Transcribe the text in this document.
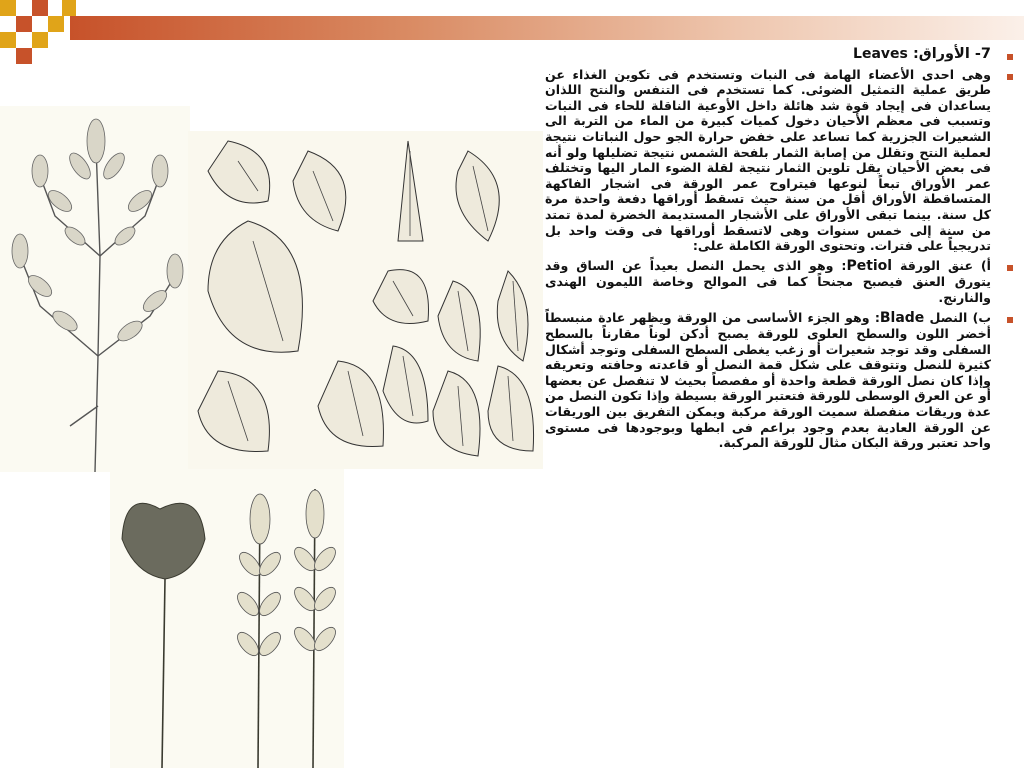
7- الأوراق: Leaves

وهى احدى الأعضاء الهامة فى النبات وتستخدم فى تكوين الغذاء عن طريق عملية التمثيل الضوئى. كما تستخدم فى التنفس والنتح اللذان يساعدان فى إيجاد قوة شد هائلة داخل الأوعية الناقلة للحاء فى النبات وتسبب فى معظم الأحيان دخول كميات كبيرة من الماء من التربة الى الشعيرات الجزرية كما تساعد على خفض حرارة الجو حول النباتات نتيجة لعملية النتح وتقلل من إصابة الثمار بلفحة الشمس نتيجة تضليلها ولو أنه فى بعض الأحيان يقل تلوين الثمار نتيجة لقلة الضوء المار اليها وتختلف عمر الأوراق تبعاً لنوعها فيتراوح عمر الورقة فى اشجار الفاكهة المتساقطة الأوراق أقل من سنة حيث تسقط أوراقها دفعة واحدة مرة كل سنة. بينما تبقى الأوراق على الأشجار المستديمة الخضرة لمدة تمتد من سنة إلى خمس سنوات وهى لاتسقط أوراقها فى وقت واحد بل تدريجياً على فترات. وتحتوى الورقة الكاملة على:

أ) عنق الورقة Petiol: وهو الذى يحمل النصل بعيداً عن الساق وقد يتورق العنق فيصبح مجنحاً كما فى الموالح وخاصة الليمون الهندى والنارنج.

ب) النصل Blade: وهو الجزء الأساسى من الورقة ويظهر عادة منبسطاً أخضر اللون والسطح العلوى للورقة يصبح أدكن لوناً مقارناً بالسطح السفلى وقد توجد شعيرات أو زغب يغطى السطح السفلى وتوجد أشكال كثيرة للنصل وتتوقف على شكل قمة النصل أو قاعدته وحافته وتعريقه وإذا كان نصل الورقة قطعة واحدة أو مفصصاً بحيث لا تنفصل عن بعضها أو عن العرق الوسطى للورقة فتعتبر الورقة بسيطة وإذا تكون النصل من عدة وريقات منفصلة سميت الورقة مركبة ويمكن التفريق بين الوريقات عن الورقة العادية بعدم وجود براعم فى ابطها وبوجودها فى مستوى واحد تعتبر ورقة البكان مثال للورقة المركبة.
